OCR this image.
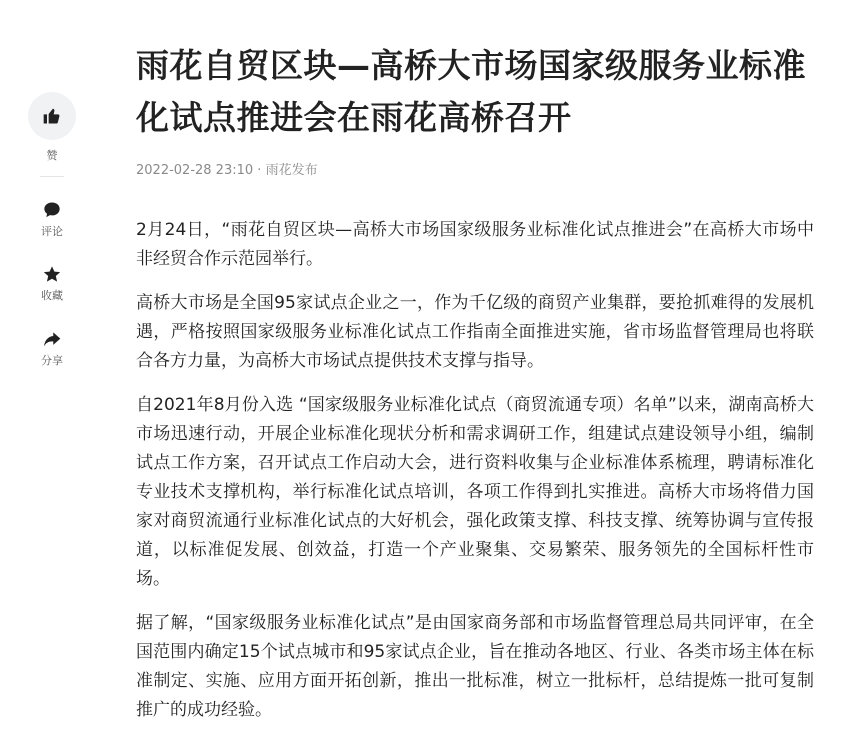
赞
评论
收藏
分享
雨花自贸区块—高桥大市场国家级服务业标准化试点推进会在雨花高桥召开
2022-02-28 23:10 · 雨花发布

2月24日，“雨花自贸区块—高桥大市场国家级服务业标准化试点推进会”在高桥大市场中非经贸合作示范园举行。

高桥大市场是全国95家试点企业之一，作为千亿级的商贸产业集群，要抢抓难得的发展机遇，严格按照国家级服务业标准化试点工作指南全面推进实施，省市场监督管理局也将联合各方力量，为高桥大市场试点提供技术支撑与指导。

自2021年8月份入选 “国家级服务业标准化试点（商贸流通专项）名单”以来，湖南高桥大市场迅速行动，开展企业标准化现状分析和需求调研工作，组建试点建设领导小组，编制试点工作方案，召开试点工作启动大会，进行资料收集与企业标准体系梳理，聘请标准化专业技术支撑机构，举行标准化试点培训，各项工作得到扎实推进。高桥大市场将借力国家对商贸流通行业标准化试点的大好机会，强化政策支撑、科技支撑、统筹协调与宣传报道，以标准促发展、创效益，打造一个产业聚集、交易繁荣、服务领先的全国标杆性市场。

据了解，“国家级服务业标准化试点”是由国家商务部和市场监督管理总局共同评审，在全国范围内确定15个试点城市和95家试点企业，旨在推动各地区、行业、各类市场主体在标准制定、实施、应用方面开拓创新，推出一批标准，树立一批标杆，总结提炼一批可复制推广的成功经验。
